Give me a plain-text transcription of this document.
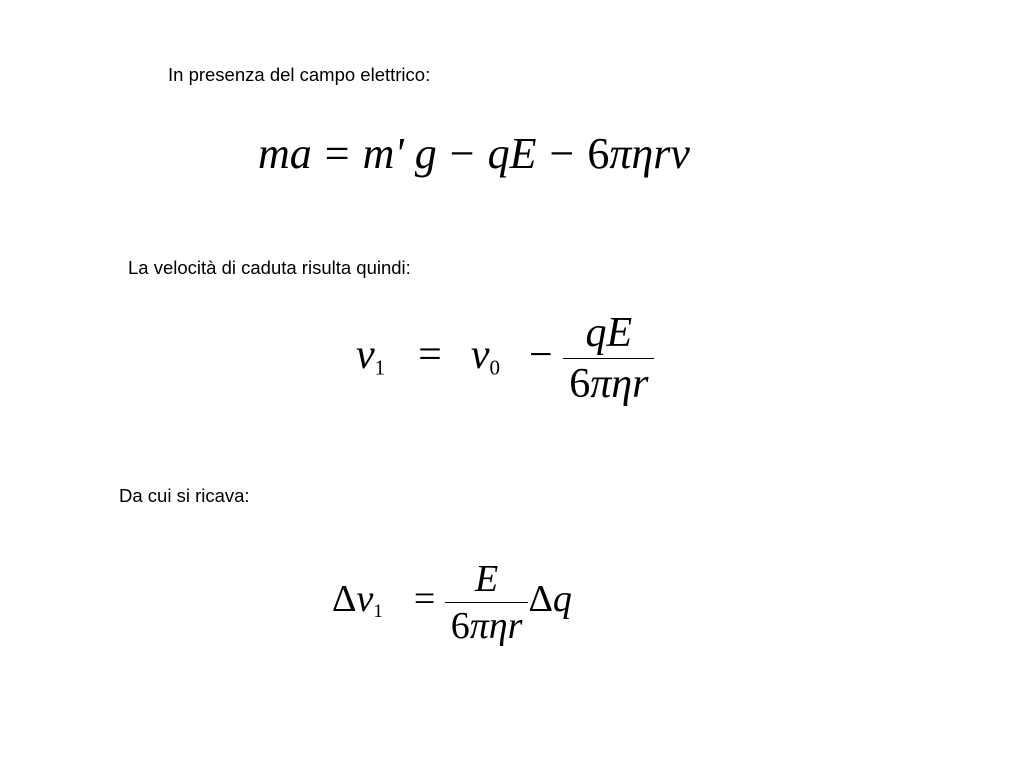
In presenza del campo elettrico:
ma = m' g − qE − 6πηrv
La velocità di caduta risulta quindi:
$v_1 = v_0 - \frac{qE}{\text{6πηr}}$
Da cui si ricava:
$\Delta v_1 = \frac{E}{\text{6πηr}}$ Δq
